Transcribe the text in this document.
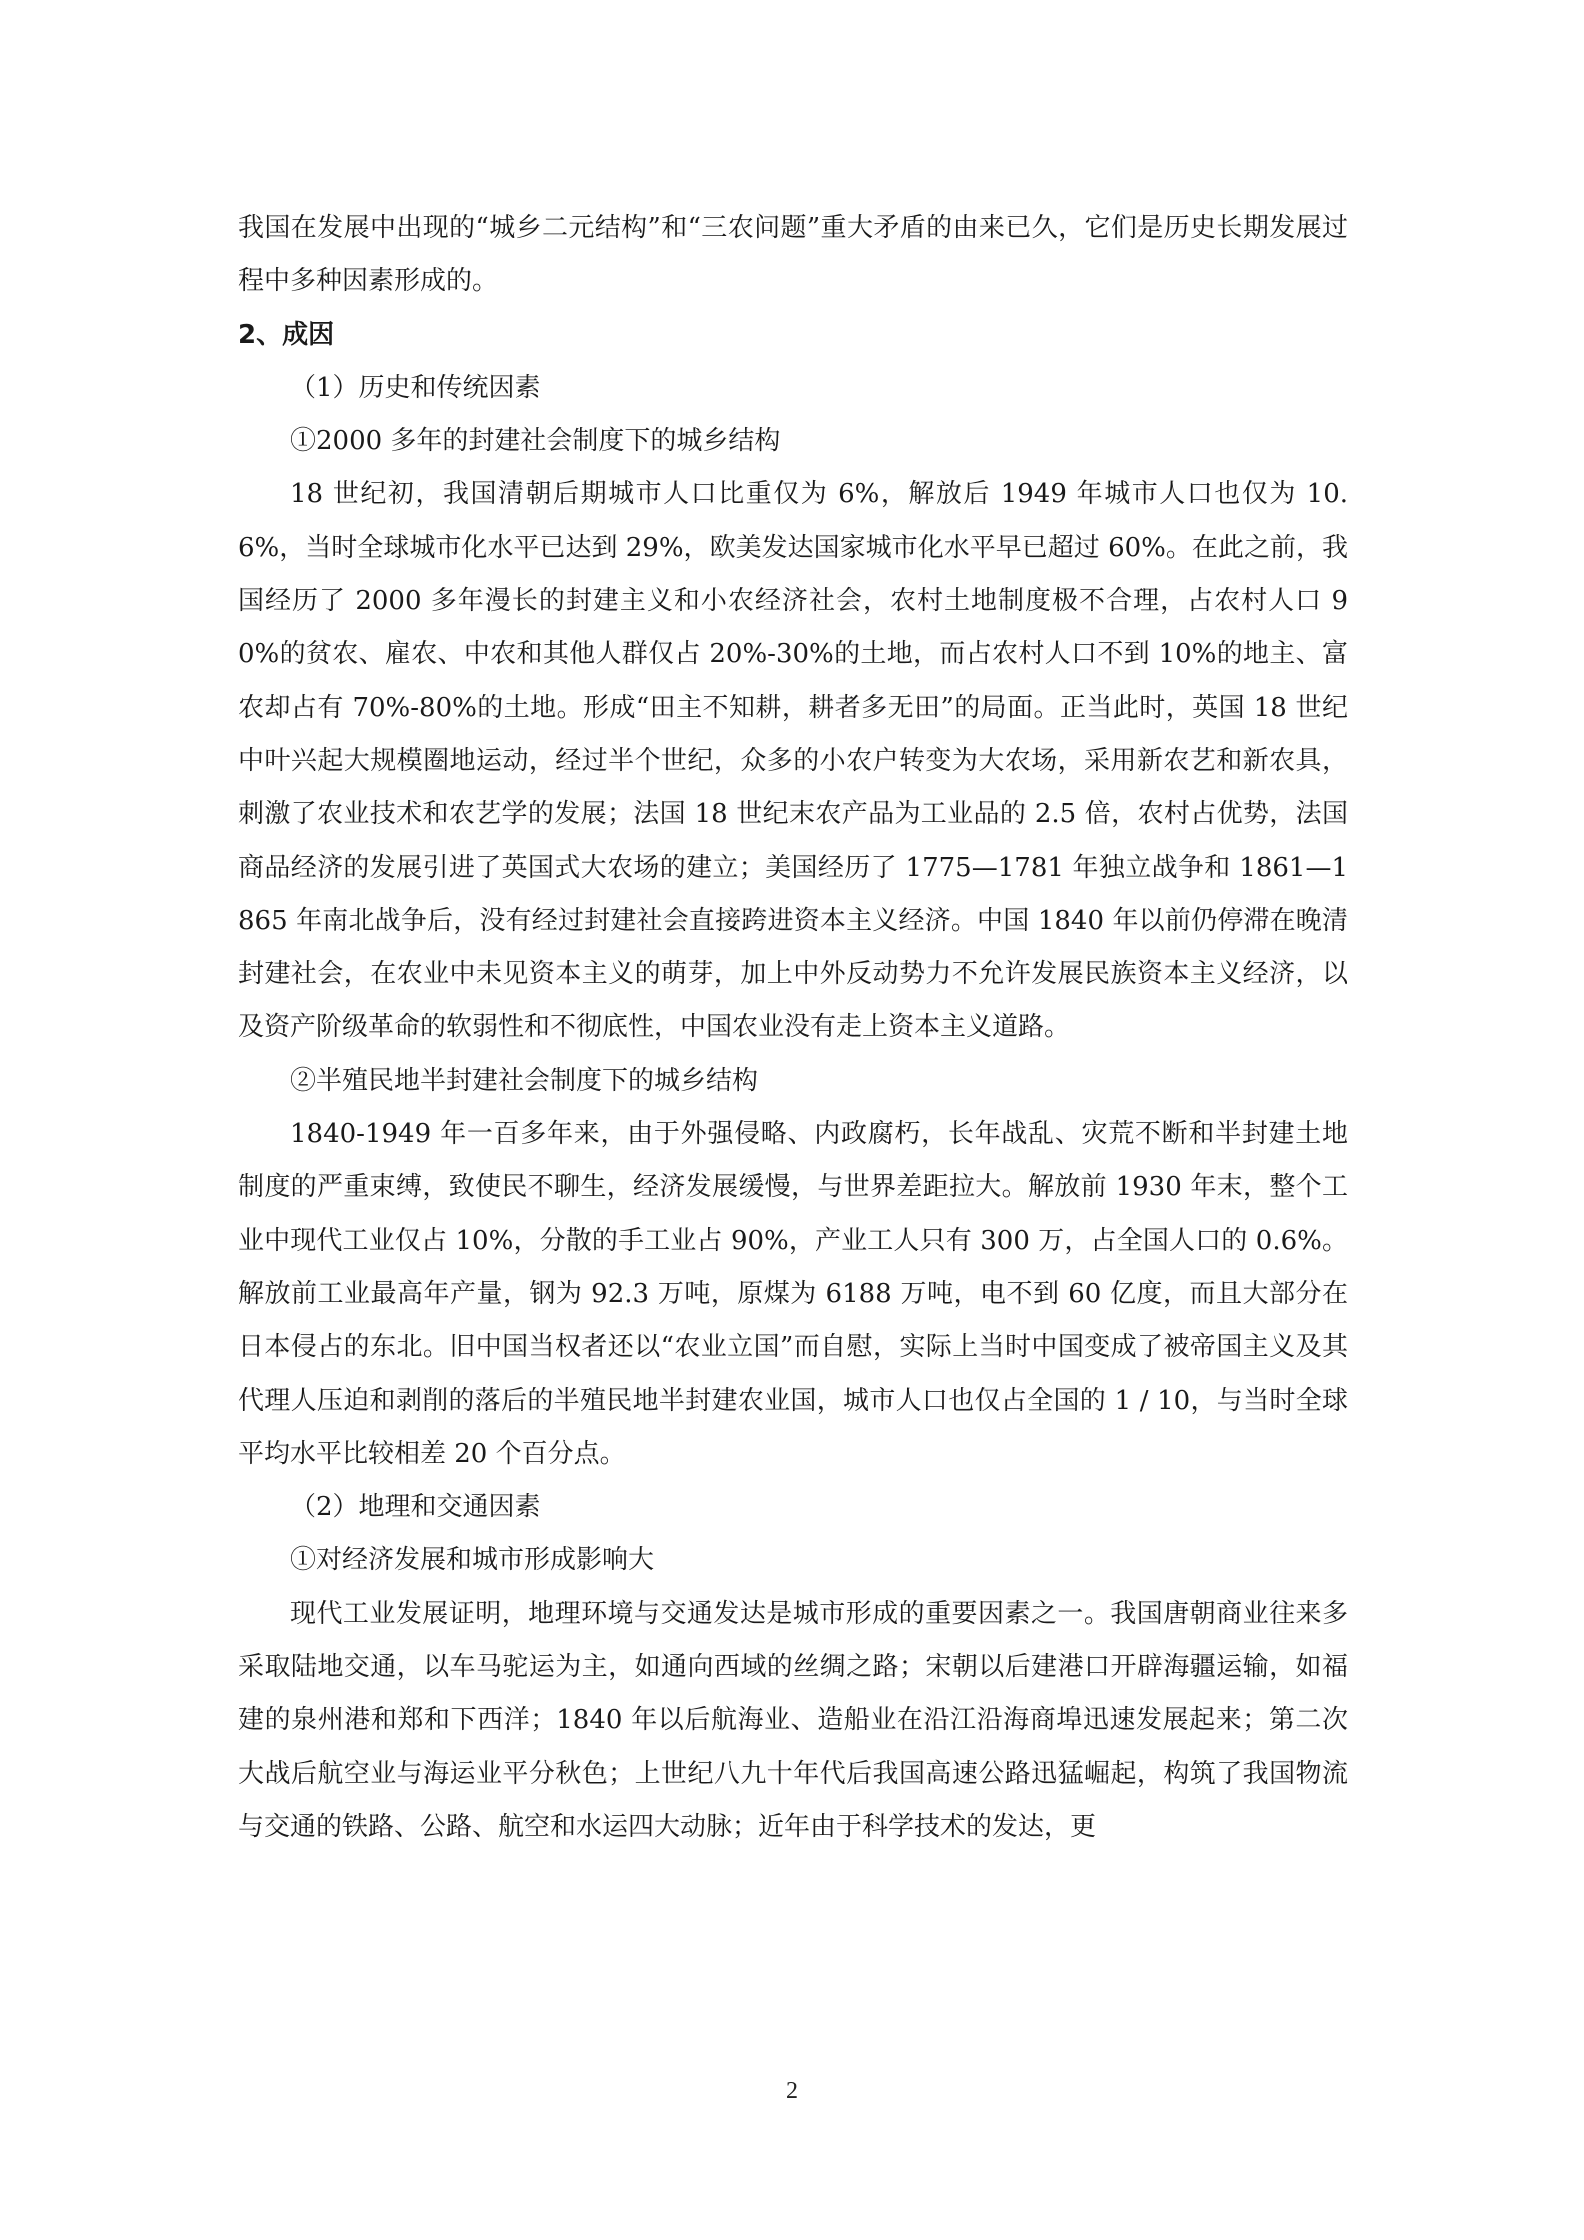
我国在发展中出现的“城乡二元结构”和“三农问题”重大矛盾的由来已久，它们是历史长期发展过程中多种因素形成的。

2、成因

（1）历史和传统因素

①2000 多年的封建社会制度下的城乡结构

18 世纪初，我国清朝后期城市人口比重仅为 6%，解放后 1949 年城市人口也仅为 10.6%，当时全球城市化水平已达到 29%，欧美发达国家城市化水平早已超过 60%。在此之前，我国经历了 2000 多年漫长的封建主义和小农经济社会，农村土地制度极不合理，占农村人口 90%的贫农、雇农、中农和其他人群仅占 20%-30%的土地，而占农村人口不到 10%的地主、富农却占有 70%-80%的土地。形成“田主不知耕，耕者多无田”的局面。正当此时，英国 18 世纪中叶兴起大规模圈地运动，经过半个世纪，众多的小农户转变为大农场，采用新农艺和新农具，刺激了农业技术和农艺学的发展；法国 18 世纪末农产品为工业品的 2.5 倍，农村占优势，法国商品经济的发展引进了英国式大农场的建立；美国经历了 1775—1781 年独立战争和 1861—1865 年南北战争后，没有经过封建社会直接跨进资本主义经济。中国 1840 年以前仍停滞在晚清封建社会，在农业中未见资本主义的萌芽，加上中外反动势力不允许发展民族资本主义经济，以及资产阶级革命的软弱性和不彻底性，中国农业没有走上资本主义道路。

②半殖民地半封建社会制度下的城乡结构

1840-1949 年一百多年来，由于外强侵略、内政腐朽，长年战乱、灾荒不断和半封建土地制度的严重束缚，致使民不聊生，经济发展缓慢，与世界差距拉大。解放前 1930 年末，整个工业中现代工业仅占 10%，分散的手工业占 90%，产业工人只有 300 万，占全国人口的 0.6%。解放前工业最高年产量，钢为 92.3 万吨，原煤为 6188 万吨，电不到 60 亿度，而且大部分在日本侵占的东北。旧中国当权者还以“农业立国”而自慰，实际上当时中国变成了被帝国主义及其代理人压迫和剥削的落后的半殖民地半封建农业国，城市人口也仅占全国的 1 / 10，与当时全球平均水平比较相差 20 个百分点。

（2）地理和交通因素

①对经济发展和城市形成影响大

现代工业发展证明，地理环境与交通发达是城市形成的重要因素之一。我国唐朝商业往来多采取陆地交通，以车马驼运为主，如通向西域的丝绸之路；宋朝以后建港口开辟海疆运输，如福建的泉州港和郑和下西洋；1840 年以后航海业、造船业在沿江沿海商埠迅速发展起来；第二次大战后航空业与海运业平分秋色；上世纪八九十年代后我国高速公路迅猛崛起，构筑了我国物流与交通的铁路、公路、航空和水运四大动脉；近年由于科学技术的发达，更

2
